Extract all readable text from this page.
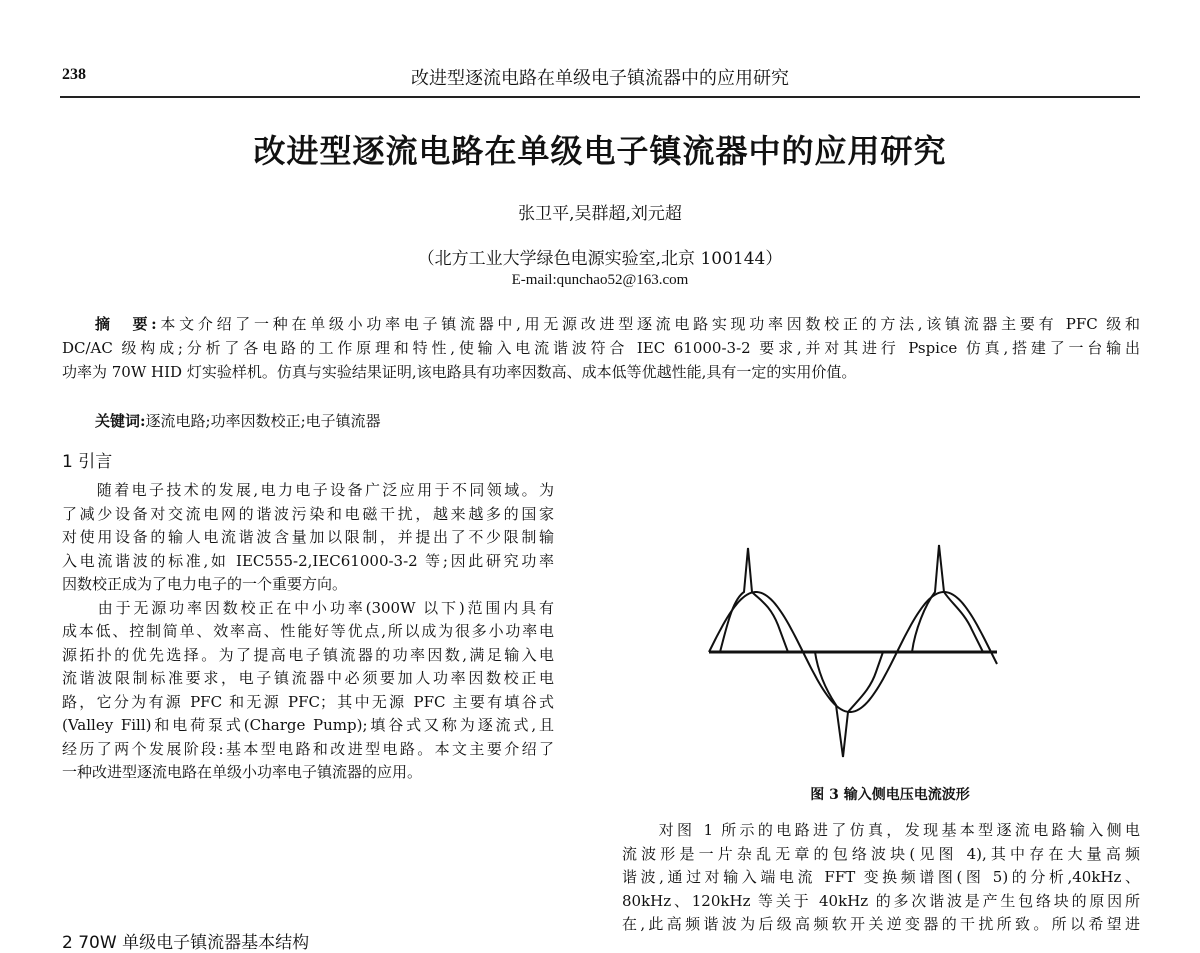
238	改进型逐流电路在单级电子镇流器中的应用研究
改进型逐流电路在单级电子镇流器中的应用研究
张卫平,吴群超,刘元超
（北方工业大学绿色电源实验室,北京 100144）
E-mail:qunchao52@163.com
摘　要:本文介绍了一种在单级小功率电子镇流器中,用无源改进型逐流电路实现功率因数校正的方法,该镇流器主要有 PFC 级和
DC/AC 级构成;分析了各电路的工作原理和特性,使输入电流谐波符合 IEC 61000-3-2 要求,并对其进行 Pspice 仿真,搭建了一台输出
功率为 70W HID 灯实验样机。仿真与实验结果证明,该电路具有功率因数高、成本低等优越性能,具有一定的实用价值。
关键词:逐流电路;功率因数校正;电子镇流器
1 引言
　　随着电子技术的发展,电力电子设备广泛应用于不同领域。为
了减少设备对交流电网的谐波污染和电磁干扰，越来越多的国家
对使用设备的输人电流谐波含量加以限制，并提出了不少限制输
入电流谐波的标准,如 IEC555-2,IEC61000-3-2 等;因此研究功率
因数校正成为了电力电子的一个重要方向。
　　由于无源功率因数校正在中小功率(300W 以下)范围内具有
成本低、控制简单、效率高、性能好等优点,所以成为很多小功率电
源拓扑的优先选择。为了提高电子镇流器的功率因数,满足输入电
流谐波限制标准要求，电子镇流器中必须要加人功率因数校正电
路，它分为有源 PFC 和无源 PFC；其中无源 PFC 主要有填谷式
(Valley Fill)和电荷泵式(Charge Pump);填谷式又称为逐流式,且
经历了两个发展阶段:基本型电路和改进型电路。本文主要介绍了
一种改进型逐流电路在单级小功率电子镇流器的应用。
2 70W 单级电子镇流器基本结构
图 3 输入侧电压电流波形
　　对图 1 所示的电路进了仿真，发现基本型逐流电路输入侧电
流波形是一片杂乱无章的包络波块(见图 4),其中存在大量高频
谐波,通过对输入端电流 FFT 变换频谱图(图 5)的分析,40kHz、
80kHz、120kHz 等关于 40kHz 的多次谐波是产生包络块的原因所
在,此高频谐波为后级高频软开关逆变器的干扰所致。所以希望进
